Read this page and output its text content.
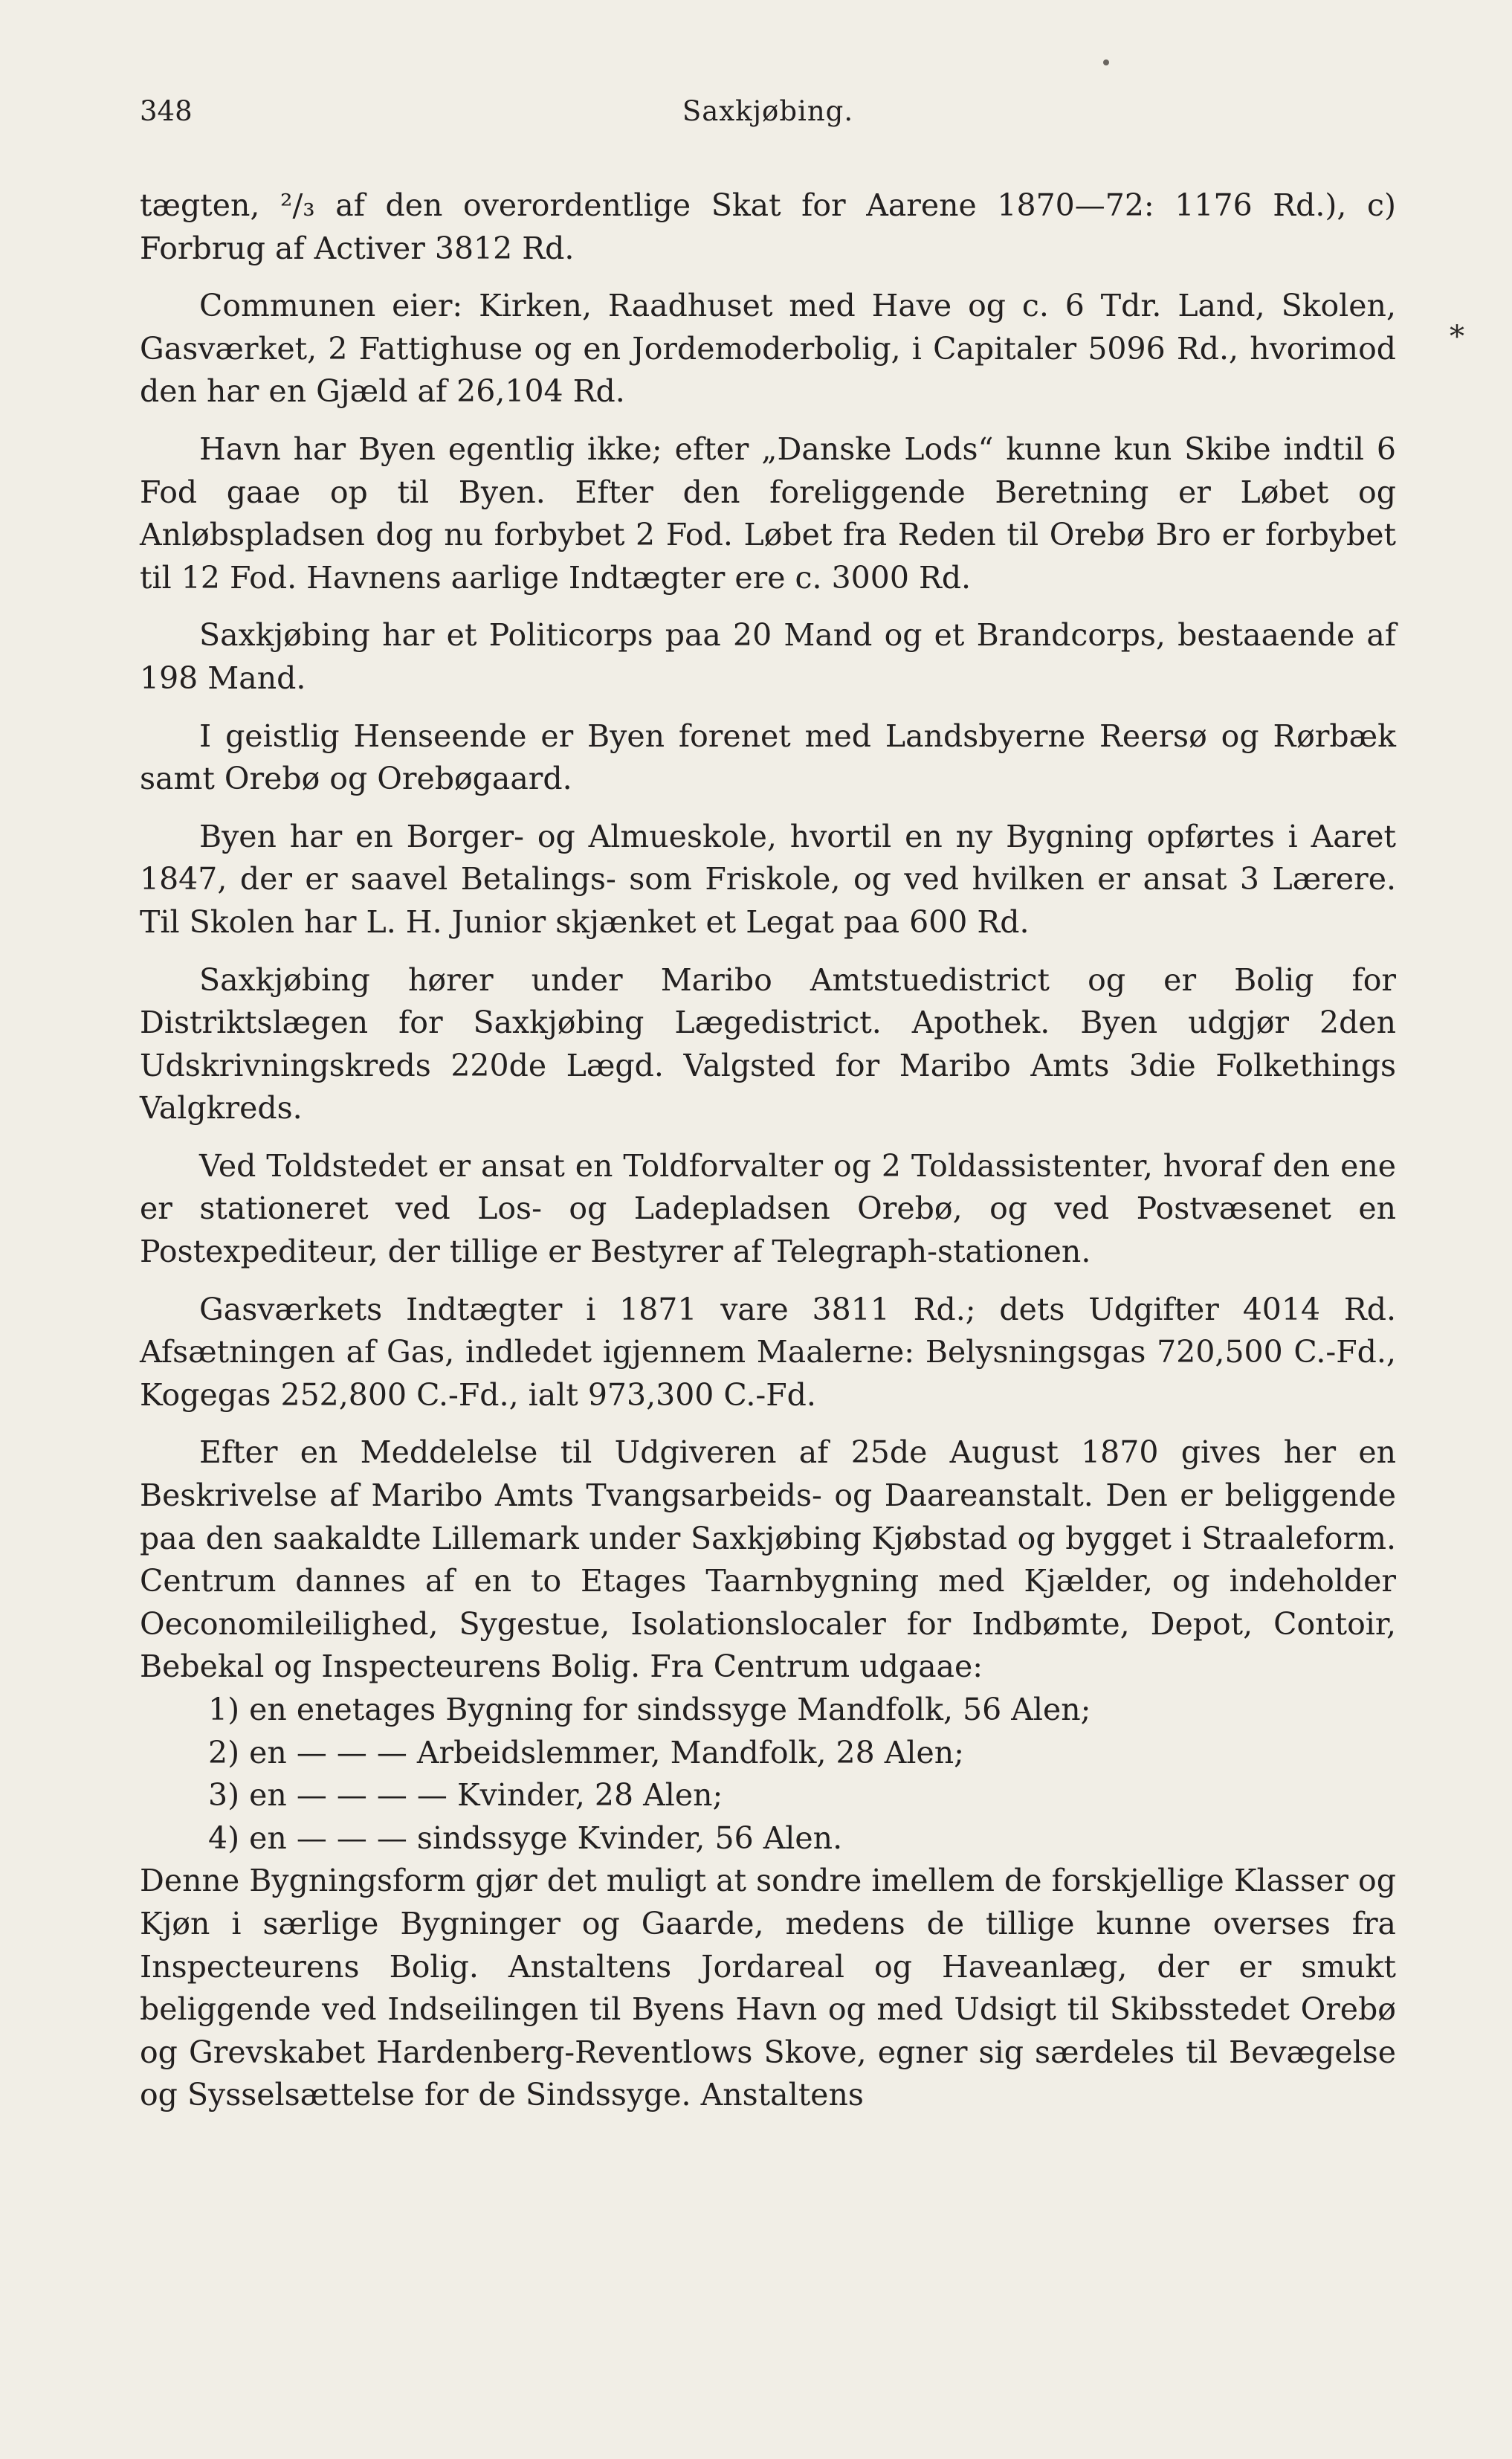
*
348	Saxkjøbing.

tægten, ²/₃ af den overordentlige Skat for Aarene 1870—72: 1176 Rd.), c) Forbrug af Activer 3812 Rd.

Communen eier: Kirken, Raadhuset med Have og c. 6 Tdr. Land, Skolen, Gasværket, 2 Fattighuse og en Jordemoderbolig, i Capitaler 5096 Rd., hvorimod den har en Gjæld af 26,104 Rd.

Havn har Byen egentlig ikke; efter „Danske Lods“ kunne kun Skibe indtil 6 Fod gaae op til Byen. Efter den foreliggende Beretning er Løbet og Anløbspladsen dog nu forbybet 2 Fod. Løbet fra Reden til Orebø Bro er forbybet til 12 Fod. Havnens aarlige Indtægter ere c. 3000 Rd.

Saxkjøbing har et Politicorps paa 20 Mand og et Brandcorps, bestaaende af 198 Mand.

I geistlig Henseende er Byen forenet med Landsbyerne Reersø og Rørbæk samt Orebø og Orebøgaard.

Byen har en Borger- og Almueskole, hvortil en ny Bygning opførtes i Aaret 1847, der er saavel Betalings- som Friskole, og ved hvilken er ansat 3 Lærere. Til Skolen har L. H. Junior skjænket et Legat paa 600 Rd.

Saxkjøbing hører under Maribo Amtstuedistrict og er Bolig for Distriktslægen for Saxkjøbing Lægedistrict. Apothek. Byen udgjør 2den Udskrivningskreds 220de Lægd. Valgsted for Maribo Amts 3die Folkethings Valgkreds.

Ved Toldstedet er ansat en Toldforvalter og 2 Toldassistenter, hvoraf den ene er stationeret ved Los- og Ladepladsen Orebø, og ved Postvæsenet en Postexpediteur, der tillige er Bestyrer af Telegraph-stationen.

Gasværkets Indtægter i 1871 vare 3811 Rd.; dets Udgifter 4014 Rd. Afsætningen af Gas, indledet igjennem Maalerne: Belysningsgas 720,500 C.-Fd., Kogegas 252,800 C.-Fd., ialt 973,300 C.-Fd.

Efter en Meddelelse til Udgiveren af 25de August 1870 gives her en Beskrivelse af Maribo Amts Tvangsarbeids- og Daareanstalt. Den er beliggende paa den saakaldte Lillemark under Saxkjøbing Kjøbstad og bygget i Straaleform. Centrum dannes af en to Etages Taarnbygning med Kjælder, og indeholder Oeconomileilighed, Sygestue, Isolationslocaler for Indbømte, Depot, Contoir, Bebekal og Inspecteurens Bolig. Fra Centrum udgaae:

1) en enetages Bygning for sindssyge Mandfolk, 56 Alen;
2) en — — — Arbeidslemmer, Mandfolk, 28 Alen;
3) en — — — — Kvinder, 28 Alen;
4) en — — — sindssyge Kvinder, 56 Alen.

Denne Bygningsform gjør det muligt at sondre imellem de forskjellige Klasser og Kjøn i særlige Bygninger og Gaarde, medens de tillige kunne overses fra Inspecteurens Bolig. Anstaltens Jordareal og Haveanlæg, der er smukt beliggende ved Indseilingen til Byens Havn og med Udsigt til Skibsstedet Orebø og Grevskabet Hardenberg-Reventlows Skove, egner sig særdeles til Bevægelse og Sysselsættelse for de Sindssyge. Anstaltens
